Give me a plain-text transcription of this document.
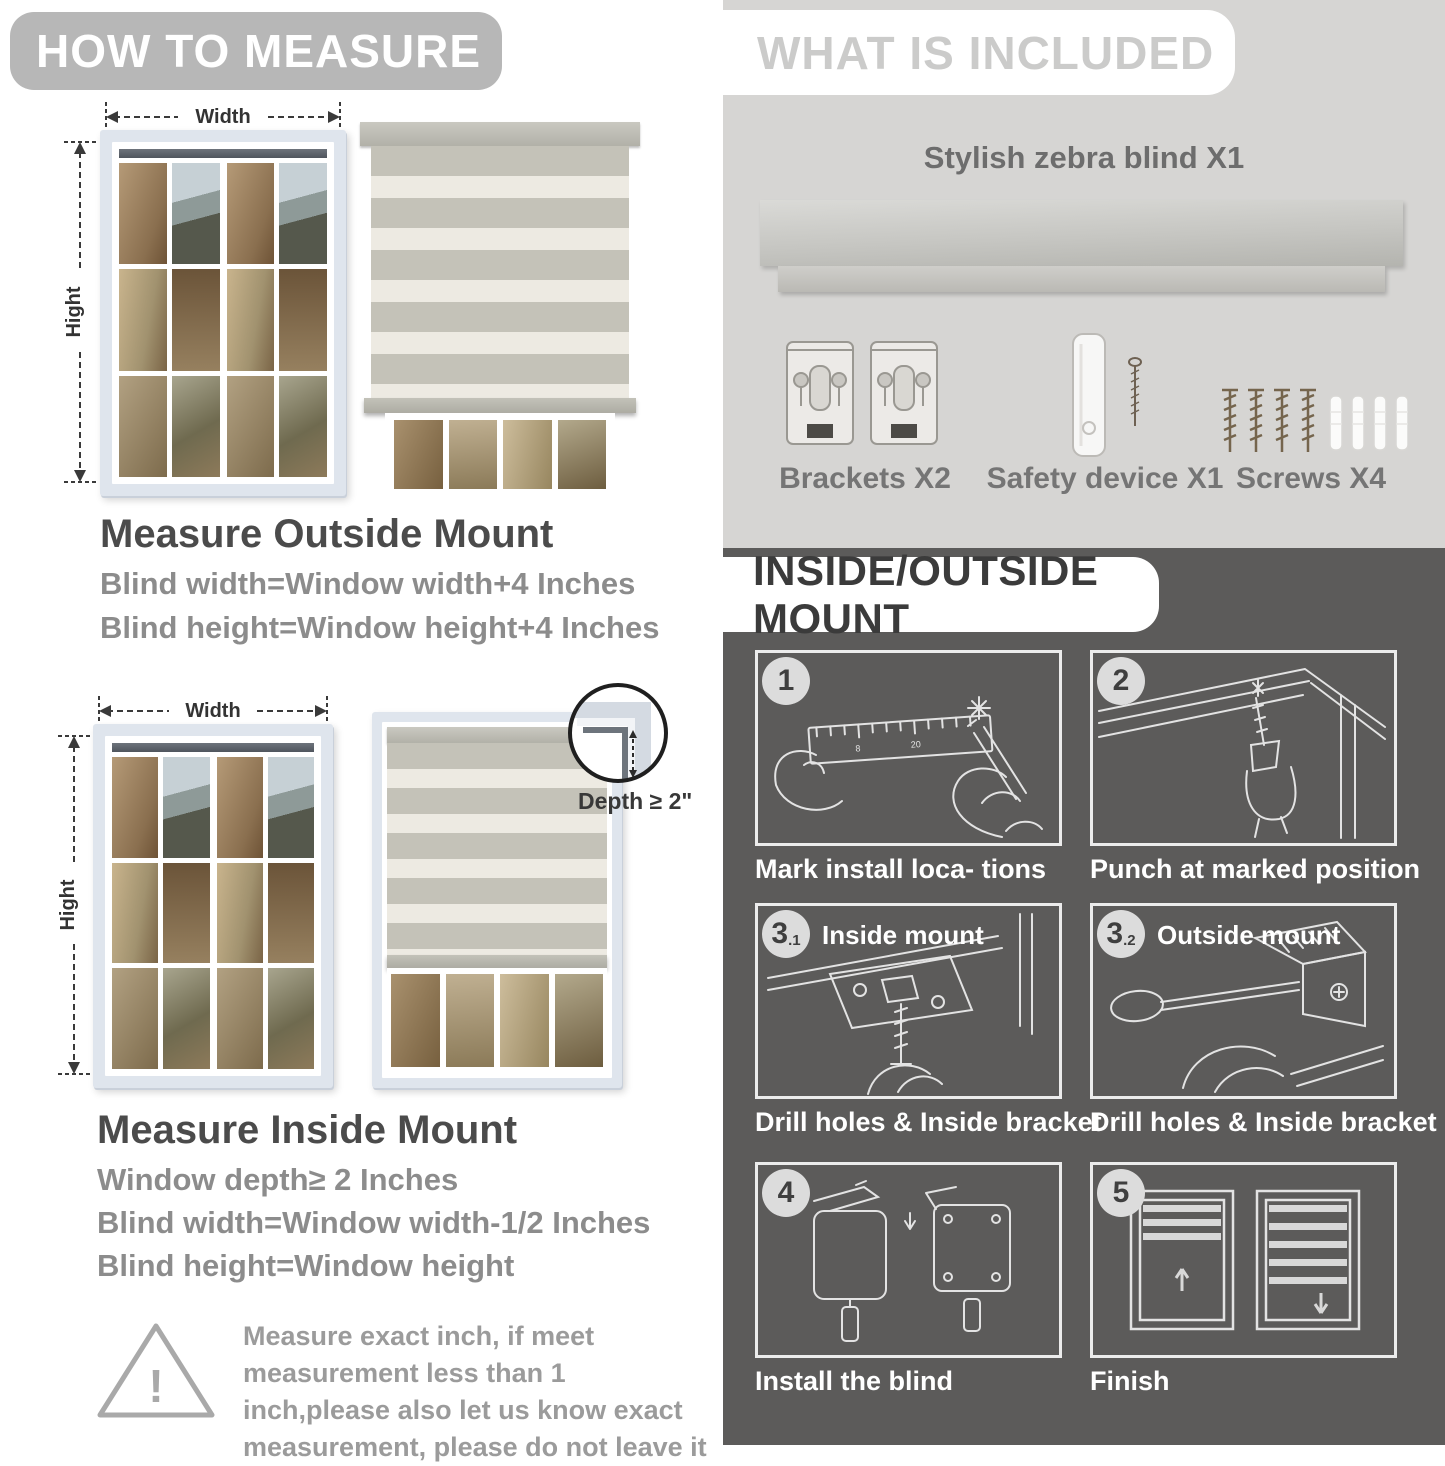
HOW TO MEASURE
Width
Hight
Measure Outside Mount
Blind width=Window width+4 Inches
Blind height=Window height+4 Inches
Width
Hight
Depth ≥ 2"
Measure Inside Mount
Window depth≥ 2 Inches
Blind width=Window width-1/2 Inches
Blind height=Window height
!
Measure exact inch, if meet measurement less than 1 inch,please also let us know exact measurement, please do not leave it
WHAT IS INCLUDED
Stylish zebra blind X1
Brackets X2	Safety device X1 Screws X4
INSIDE/OUTSIDE MOUNT
8	20
1
Mark install loca- tions
2
Punch at marked position
3 .1 Inside mount
Drill holes & Inside bracket
3 .2 Outside mount
Drill holes & Inside bracket
4
Install the blind
5
Finish
